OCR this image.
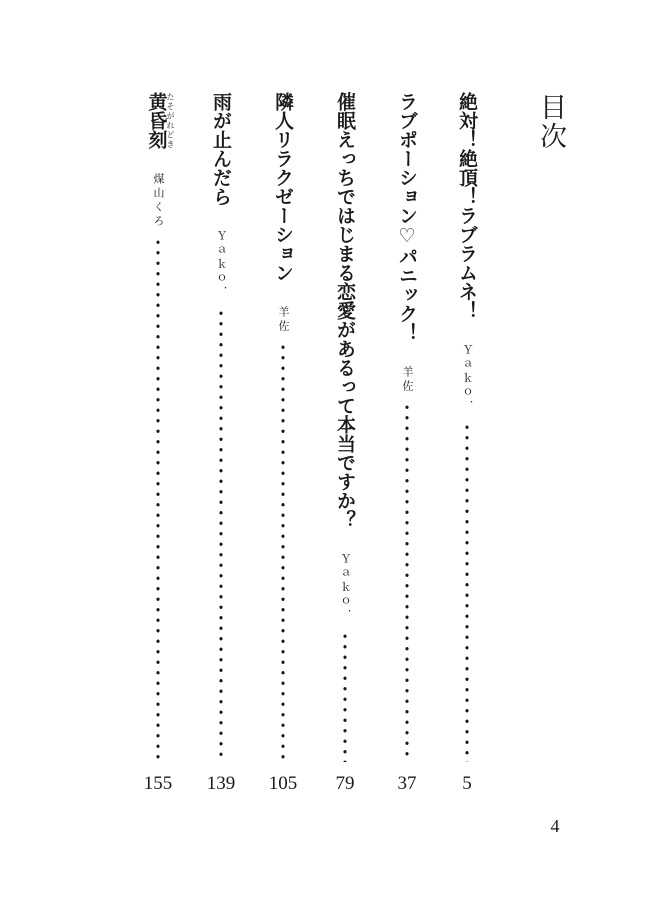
目次
絶対！絶頂！ラブラムネ！
Ｙａｋｏ．
5
ラブポーション♡パニック！
羊佐
37
催眠えっちではじまる恋愛があるって本当ですか？
Ｙａｋｏ．
79
隣人リラクゼーション
羊佐
105
雨が止んだら
Ｙａｋｏ．
139
黄昏刻たそがれどき
煤山くろ
155
4
